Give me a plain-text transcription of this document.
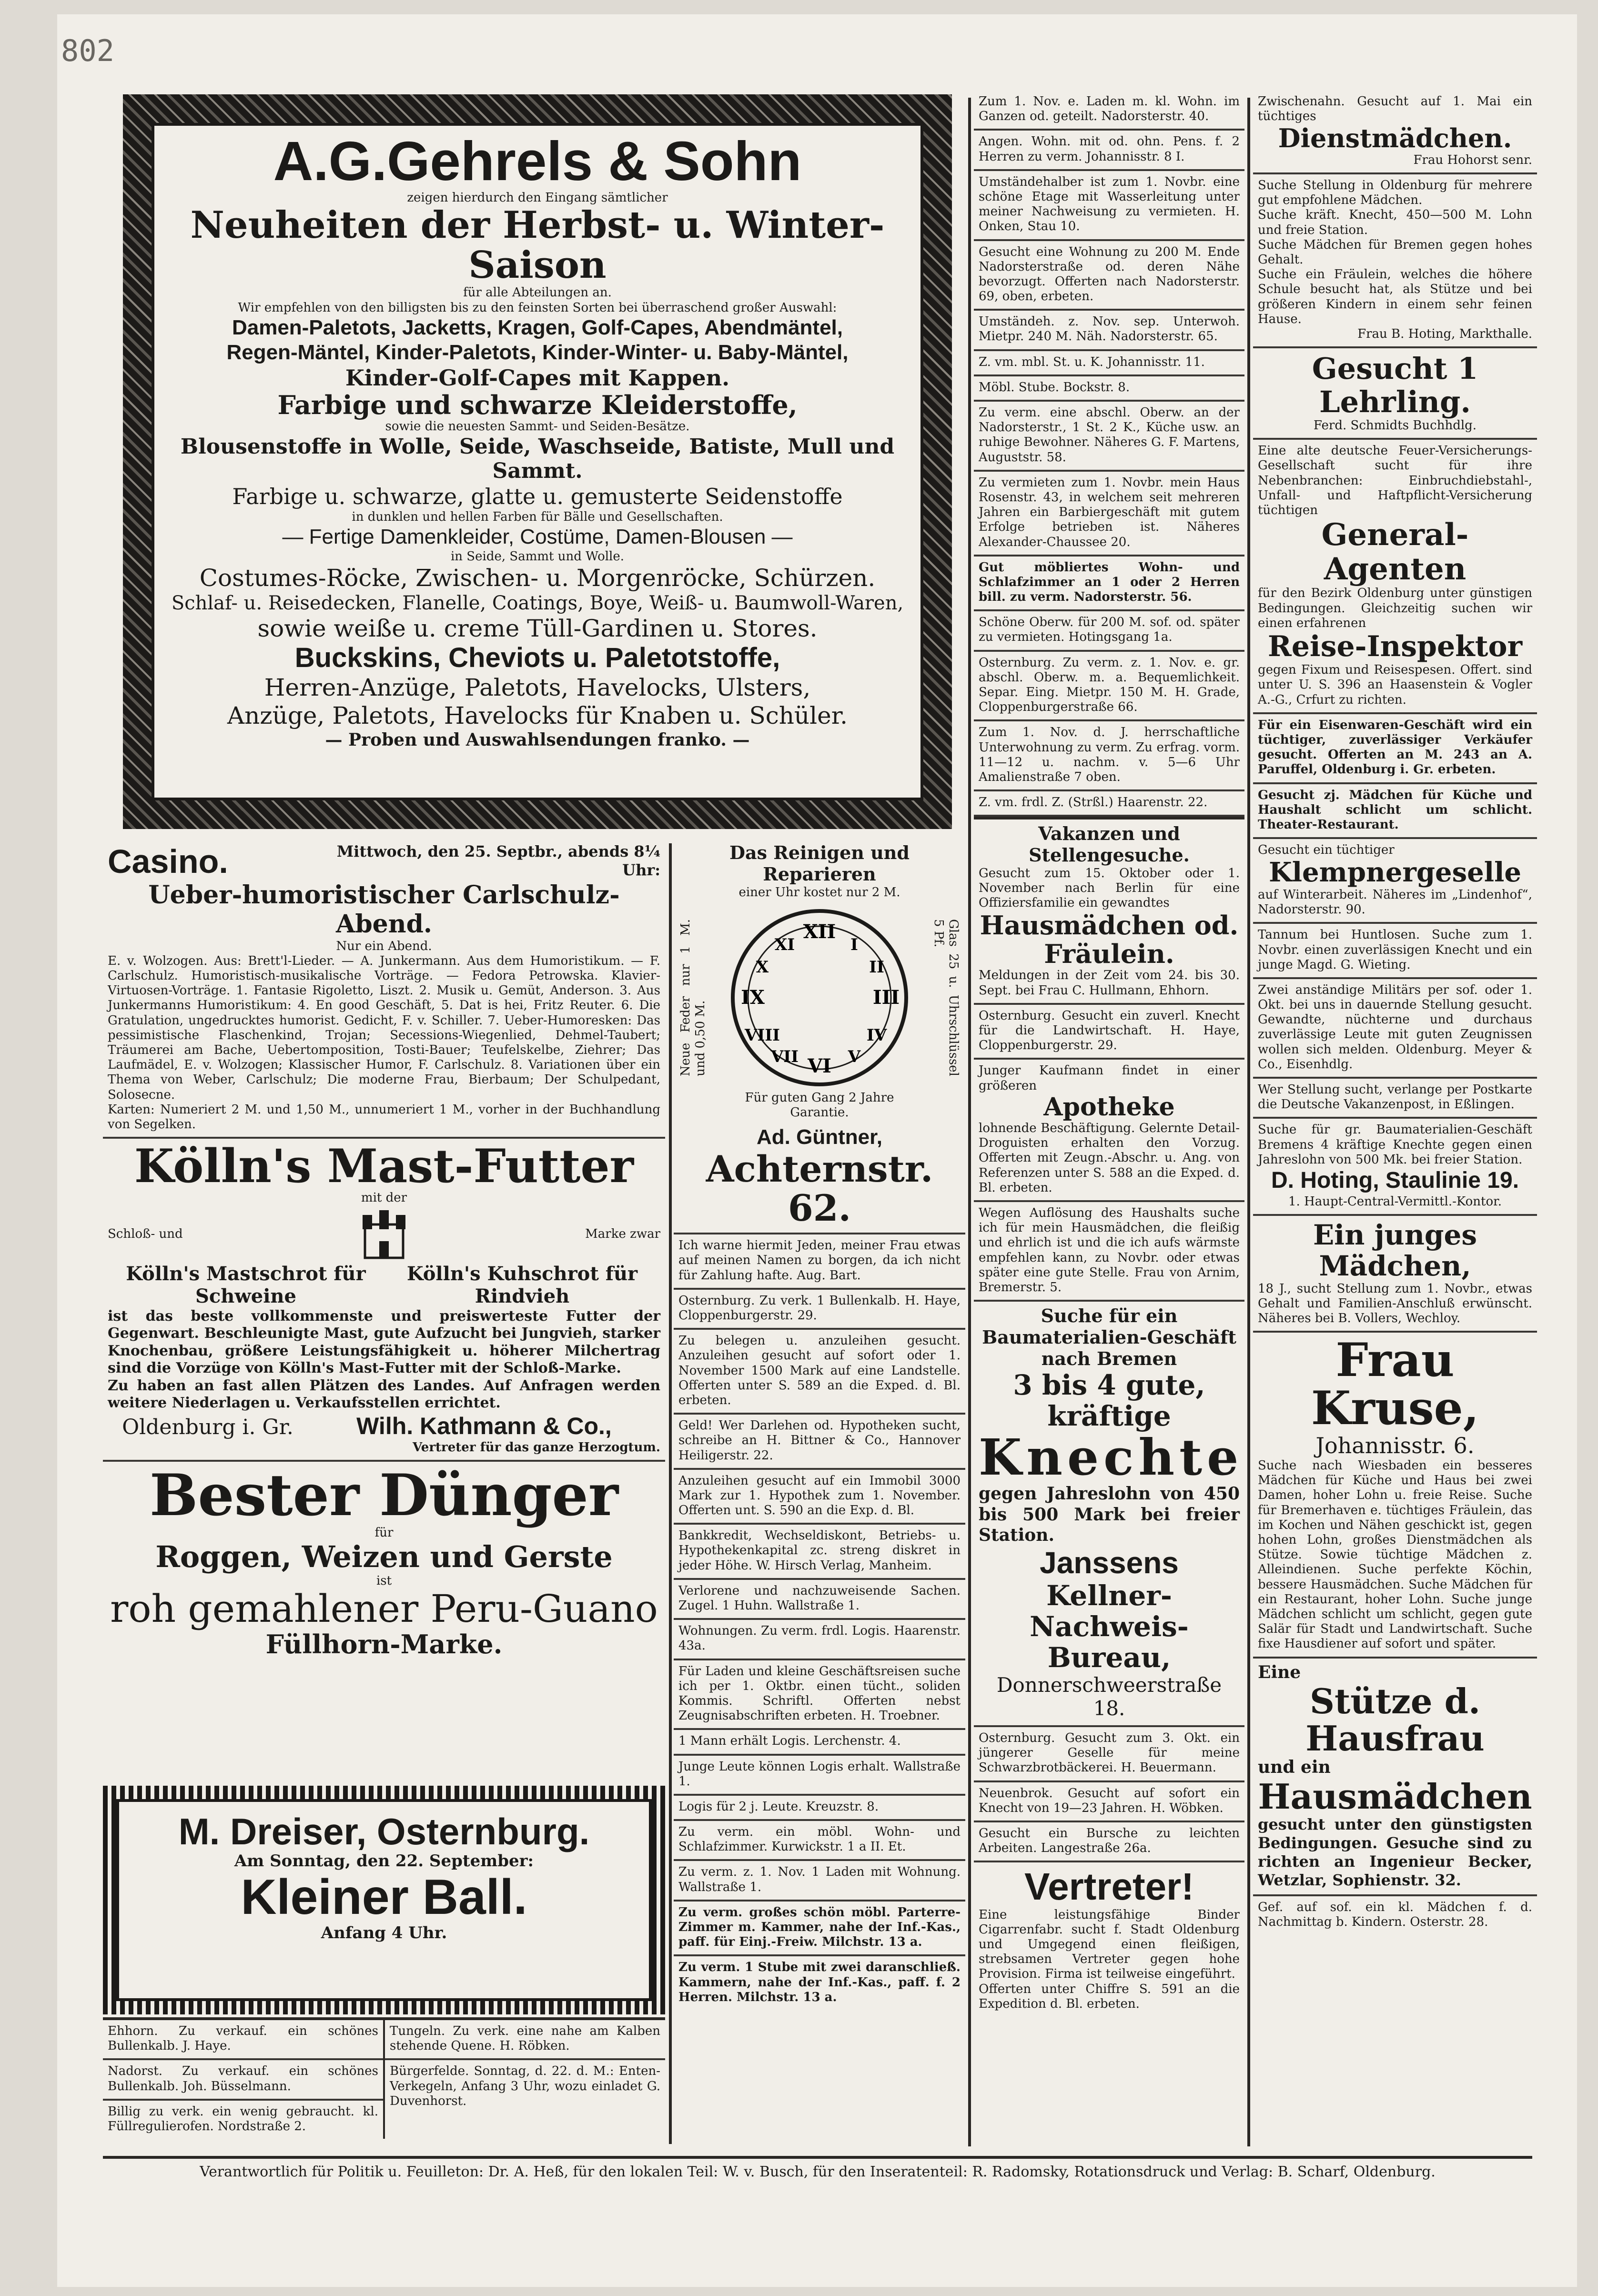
802
A.G.Gehrels & Sohn
zeigen hierdurch den Eingang sämtlicher
Neuheiten der Herbst- u. Winter-Saison
für alle Abteilungen an.
Wir empfehlen von den billigsten bis zu den feinsten Sorten bei überraschend großer Auswahl:
Damen-Paletots, Jacketts, Kragen, Golf-Capes, Abendmäntel,
Regen-Mäntel, Kinder-Paletots, Kinder-Winter- u. Baby-Mäntel,
Kinder-Golf-Capes mit Kappen.
Farbige und schwarze Kleiderstoffe,
sowie die neuesten Sammt- und Seiden-Besätze.
Blousenstoffe in Wolle, Seide, Waschseide, Batiste, Mull und Sammt.
Farbige u. schwarze, glatte u. gemusterte Seidenstoffe
in dunklen und hellen Farben für Bälle und Gesellschaften.
— Fertige Damenkleider, Costüme, Damen-Blousen —
in Seide, Sammt und Wolle.
Costumes-Röcke, Zwischen- u. Morgenröcke, Schürzen.
Schlaf- u. Reisedecken, Flanelle, Coatings, Boye, Weiß- u. Baumwoll-Waren,
sowie weiße u. creme Tüll-Gardinen u. Stores.
Buckskins, Cheviots u. Paletotstoffe,
Herren-Anzüge, Paletots, Havelocks, Ulsters,
Anzüge, Paletots, Havelocks für Knaben u. Schüler.
— Proben und Auswahlsendungen franko. —
Casino.	Mittwoch, den 25. Septbr., abends 8¼ Uhr:
Ueber-humoristischer Carlschulz-Abend.
Nur ein Abend.
E. v. Wolzogen. Aus: Brett'l-Lieder. — A. Junkermann. Aus dem Humoristikum. — F. Carlschulz. Humoristisch-musikalische Vorträge. — Fedora Petrowska. Klavier-Virtuosen-Vorträge. 1. Fantasie Rigoletto, Liszt. 2. Musik u. Gemüt, Anderson. 3. Aus Junkermanns Humoristikum: 4. En good Geschäft, 5. Dat is hei, Fritz Reuter. 6. Die Gratulation, ungedrucktes humorist. Gedicht, F. v. Schiller. 7. Ueber-Humoresken: Das pessimistische Flaschenkind, Trojan; Secessions-Wiegenlied, Dehmel-Taubert; Träumerei am Bache, Uebertomposition, Tosti-Bauer; Teufelskelbe, Ziehrer; Das Laufmädel, E. v. Wolzogen; Klassischer Humor, F. Carlschulz. 8. Variationen über ein Thema von Weber, Carlschulz; Die moderne Frau, Bierbaum; Der Schulpedant, Solosecne.
Karten: Numeriert 2 M. und 1,50 M., unnumeriert 1 M., vorher in der Buchhandlung von Segelken.
Kölln's Mast-Futter
mit der
Schloß- und	Marke zwar
Kölln's Mastschrot für Schweine
Kölln's Kuhschrot für Rindvieh
ist das beste vollkommenste und preiswerteste Futter der Gegenwart. Beschleunigte Mast, gute Aufzucht bei Jungvieh, starker Knochenbau, größere Leistungsfähigkeit u. höherer Milchertrag sind die Vorzüge von Kölln's Mast-Futter mit der Schloß-Marke.
Zu haben an fast allen Plätzen des Landes. Auf Anfragen werden weitere Niederlagen u. Verkaufsstellen errichtet.
Oldenburg i. Gr.	Wilh. Kathmann & Co.,
Vertreter für das ganze Herzogtum.
Bester Dünger
für
Roggen, Weizen und Gerste
ist
roh gemahlener Peru-Guano
Füllhorn-Marke.
M. Dreiser, Osternburg.
Am Sonntag, den 22. September:
Kleiner Ball.
Anfang 4 Uhr.
Ehhorn. Zu verkauf. ein schönes Bullenkalb. J. Haye.
Nadorst. Zu verkauf. ein schönes Bullenkalb. Joh. Büsselmann.
Billig zu verk. ein wenig gebraucht. kl. Füllregulierofen. Nordstraße 2.
Tungeln. Zu verk. eine nahe am Kalben stehende Quene. H. Röbken.
Bürgerfelde. Sonntag, d. 22. d. M.: Enten-Verkegeln, Anfang 3 Uhr, wozu einladet G. Duvenhorst.
Das Reinigen und Reparieren
einer Uhr kostet nur 2 M.
Neue Feder nur 1 M. und 0,50 M.
XII
III
VI
IX
I
II
IV
V
VII
VIII
X
XI	Glas 25 u. Uhrschlüssel 5 Pf.
Für guten Gang 2 Jahre Garantie.
Ad. Güntner,
Achternstr. 62.
Ich warne hiermit Jeden, meiner Frau etwas auf meinen Namen zu borgen, da ich nicht für Zahlung hafte. Aug. Bart.
Osternburg. Zu verk. 1 Bullenkalb. H. Haye, Cloppenburgerstr. 29.
Zu belegen u. anzuleihen gesucht. Anzuleihen gesucht auf sofort oder 1. November 1500 Mark auf eine Landstelle. Offerten unter S. 589 an die Exped. d. Bl. erbeten.
Geld! Wer Darlehen od. Hypotheken sucht, schreibe an H. Bittner & Co., Hannover Heiligerstr. 22.
Anzuleihen gesucht auf ein Immobil 3000 Mark zur 1. Hypothek zum 1. November. Offerten unt. S. 590 an die Exp. d. Bl.
Bankkredit, Wechseldiskont, Betriebs- u. Hypothekenkapital zc. streng diskret in jeder Höhe. W. Hirsch Verlag, Manheim.
Verlorene und nachzuweisende Sachen. Zugel. 1 Huhn. Wallstraße 1.
Wohnungen. Zu verm. frdl. Logis. Haarenstr. 43a.
Für Laden und kleine Geschäftsreisen suche ich per 1. Oktbr. einen tücht., soliden Kommis. Schriftl. Offerten nebst Zeugnisabschriften erbeten. H. Troebner.
1 Mann erhält Logis. Lerchenstr. 4.
Junge Leute können Logis erhalt. Wallstraße 1.
Logis für 2 j. Leute. Kreuzstr. 8.
Zu verm. ein möbl. Wohn- und Schlafzimmer. Kurwickstr. 1 a II. Et.
Zu verm. z. 1. Nov. 1 Laden mit Wohnung. Wallstraße 1.
Zu verm. großes schön möbl. Parterre-Zimmer m. Kammer, nahe der Inf.-Kas., paff. für Einj.-Freiw. Milchstr. 13 a.
Zu verm. 1 Stube mit zwei daranschließ. Kammern, nahe der Inf.-Kas., paff. f. 2 Herren. Milchstr. 13 a.
Zum 1. Nov. e. Laden m. kl. Wohn. im Ganzen od. geteilt. Nadorsterstr. 40.
Angen. Wohn. mit od. ohn. Pens. f. 2 Herren zu verm. Johannisstr. 8 I.
Umständehalber ist zum 1. Novbr. eine schöne Etage mit Wasserleitung unter meiner Nachweisung zu vermieten. H. Onken, Stau 10.
Gesucht eine Wohnung zu 200 M. Ende Nadorsterstraße od. deren Nähe bevorzugt. Offerten nach Nadorsterstr. 69, oben, erbeten.
Umständeh. z. Nov. sep. Unterwoh. Mietpr. 240 M. Näh. Nadorsterstr. 65.
Z. vm. mbl. St. u. K. Johannisstr. 11.
Möbl. Stube. Bockstr. 8.
Zu verm. eine abschl. Oberw. an der Nadorsterstr., 1 St. 2 K., Küche usw. an ruhige Bewohner. Näheres G. F. Martens, Auguststr. 58.
Zu vermieten zum 1. Novbr. mein Haus Rosenstr. 43, in welchem seit mehreren Jahren ein Barbiergeschäft mit gutem Erfolge betrieben ist. Näheres Alexander-Chaussee 20.
Gut möbliertes Wohn- und Schlafzimmer an 1 oder 2 Herren bill. zu verm. Nadorsterstr. 56.
Schöne Oberw. für 200 M. sof. od. später zu vermieten. Hotingsgang 1a.
Osternburg. Zu verm. z. 1. Nov. e. gr. abschl. Oberw. m. a. Bequemlichkeit. Separ. Eing. Mietpr. 150 M. H. Grade, Cloppenburgerstraße 66.
Zum 1. Nov. d. J. herrschaftliche Unterwohnung zu verm. Zu erfrag. vorm. 11—12 u. nachm. v. 5—6 Uhr Amalienstraße 7 oben.
Z. vm. frdl. Z. (Strßl.) Haarenstr. 22.
Vakanzen und Stellengesuche.
Gesucht zum 15. Oktober oder 1. November nach Berlin für eine Offiziersfamilie ein gewandtes
Hausmädchen od. Fräulein.
Meldungen in der Zeit vom 24. bis 30. Sept. bei Frau C. Hullmann, Ehhorn.
Osternburg. Gesucht ein zuverl. Knecht für die Landwirtschaft. H. Haye, Cloppenburgerstr. 29.
Junger Kaufmann findet in einer größeren
Apotheke
lohnende Beschäftigung. Gelernte Detail-Droguisten erhalten den Vorzug. Offerten mit Zeugn.-Abschr. u. Ang. von Referenzen unter S. 588 an die Exped. d. Bl. erbeten.
Wegen Auflösung des Haushalts suche ich für mein Hausmädchen, die fleißig und ehrlich ist und die ich aufs wärmste empfehlen kann, zu Novbr. oder etwas später eine gute Stelle. Frau von Arnim, Bremerstr. 5.
Suche für ein Baumaterialien-Geschäft nach Bremen
3 bis 4 gute, kräftige
Knechte
gegen Jahreslohn von 450 bis 500 Mark bei freier Station.
Janssens
Kellner-Nachweis-Bureau,
Donnerschweerstraße 18.
Osternburg. Gesucht zum 3. Okt. ein jüngerer Geselle für meine Schwarzbrotbäckerei. H. Beuermann.
Neuenbrok. Gesucht auf sofort ein Knecht von 19—23 Jahren. H. Wöbken.
Gesucht ein Bursche zu leichten Arbeiten. Langestraße 26a.
Vertreter!
Eine leistungsfähige Binder Cigarrenfabr. sucht f. Stadt Oldenburg und Umgegend einen fleißigen, strebsamen Vertreter gegen hohe Provision. Firma ist teilweise eingeführt.
Offerten unter Chiffre S. 591 an die Expedition d. Bl. erbeten.
Zwischenahn. Gesucht auf 1. Mai ein tüchtiges
Dienstmädchen.
Frau Hohorst senr.
Suche Stellung in Oldenburg für mehrere gut empfohlene Mädchen.
Suche kräft. Knecht, 450—500 M. Lohn und freie Station.
Suche Mädchen für Bremen gegen hohes Gehalt.
Suche ein Fräulein, welches die höhere Schule besucht hat, als Stütze und bei größeren Kindern in einem sehr feinen Hause.
Frau B. Hoting, Markthalle.
Gesucht 1 Lehrling.
Ferd. Schmidts Buchhdlg.
Eine alte deutsche Feuer-Versicherungs-Gesellschaft sucht für ihre Nebenbranchen: Einbruchdiebstahl-, Unfall- und Haftpflicht-Versicherung tüchtigen
General-Agenten
für den Bezirk Oldenburg unter günstigen Bedingungen. Gleichzeitig suchen wir einen erfahrenen
Reise-Inspektor
gegen Fixum und Reisespesen. Offert. sind unter U. S. 396 an Haasenstein & Vogler A.-G., Crfurt zu richten.
Für ein Eisenwaren-Geschäft wird ein tüchtiger, zuverlässiger Verkäufer gesucht. Offerten an M. 243 an A. Paruffel, Oldenburg i. Gr. erbeten.
Gesucht zj. Mädchen für Küche und Haushalt schlicht um schlicht. Theater-Restaurant.
Gesucht ein tüchtiger
Klempnergeselle
auf Winterarbeit. Näheres im „Lindenhof“, Nadorsterstr. 90.
Tannum bei Huntlosen. Suche zum 1. Novbr. einen zuverlässigen Knecht und ein junge Magd. G. Wieting.
Zwei anständige Militärs per sof. oder 1. Okt. bei uns in dauernde Stellung gesucht. Gewandte, nüchterne und durchaus zuverlässige Leute mit guten Zeugnissen wollen sich melden. Oldenburg. Meyer & Co., Eisenhdlg.
Wer Stellung sucht, verlange per Postkarte die Deutsche Vakanzenpost, in Eßlingen.
Suche für gr. Baumaterialien-Geschäft Bremens 4 kräftige Knechte gegen einen Jahreslohn von 500 Mk. bei freier Station.
D. Hoting, Staulinie 19.
1. Haupt-Central-Vermittl.-Kontor.
Ein junges Mädchen,
18 J., sucht Stellung zum 1. Novbr., etwas Gehalt und Familien-Anschluß erwünscht. Näheres bei B. Vollers, Wechloy.
Frau Kruse,
Johannisstr. 6.
Suche nach Wiesbaden ein besseres Mädchen für Küche und Haus bei zwei Damen, hoher Lohn u. freie Reise. Suche für Bremerhaven e. tüchtiges Fräulein, das im Kochen und Nähen geschickt ist, gegen hohen Lohn, großes Dienstmädchen als Stütze. Sowie tüchtige Mädchen z. Alleindienen. Suche perfekte Köchin, bessere Hausmädchen. Suche Mädchen für ein Restaurant, hoher Lohn. Suche junge Mädchen schlicht um schlicht, gegen gute Salär für Stadt und Landwirtschaft. Suche fixe Hausdiener auf sofort und später.
Eine
Stütze d. Hausfrau
und ein
Hausmädchen
gesucht unter den günstigsten Bedingungen. Gesuche sind zu richten an Ingenieur Becker, Wetzlar, Sophienstr. 32.
Gef. auf sof. ein kl. Mädchen f. d. Nachmittag b. Kindern. Osterstr. 28.
Verantwortlich für Politik u. Feuilleton: Dr. A. Heß, für den lokalen Teil: W. v. Busch, für den Inseratenteil: R. Radomsky, Rotationsdruck und Verlag: B. Scharf, Oldenburg.
